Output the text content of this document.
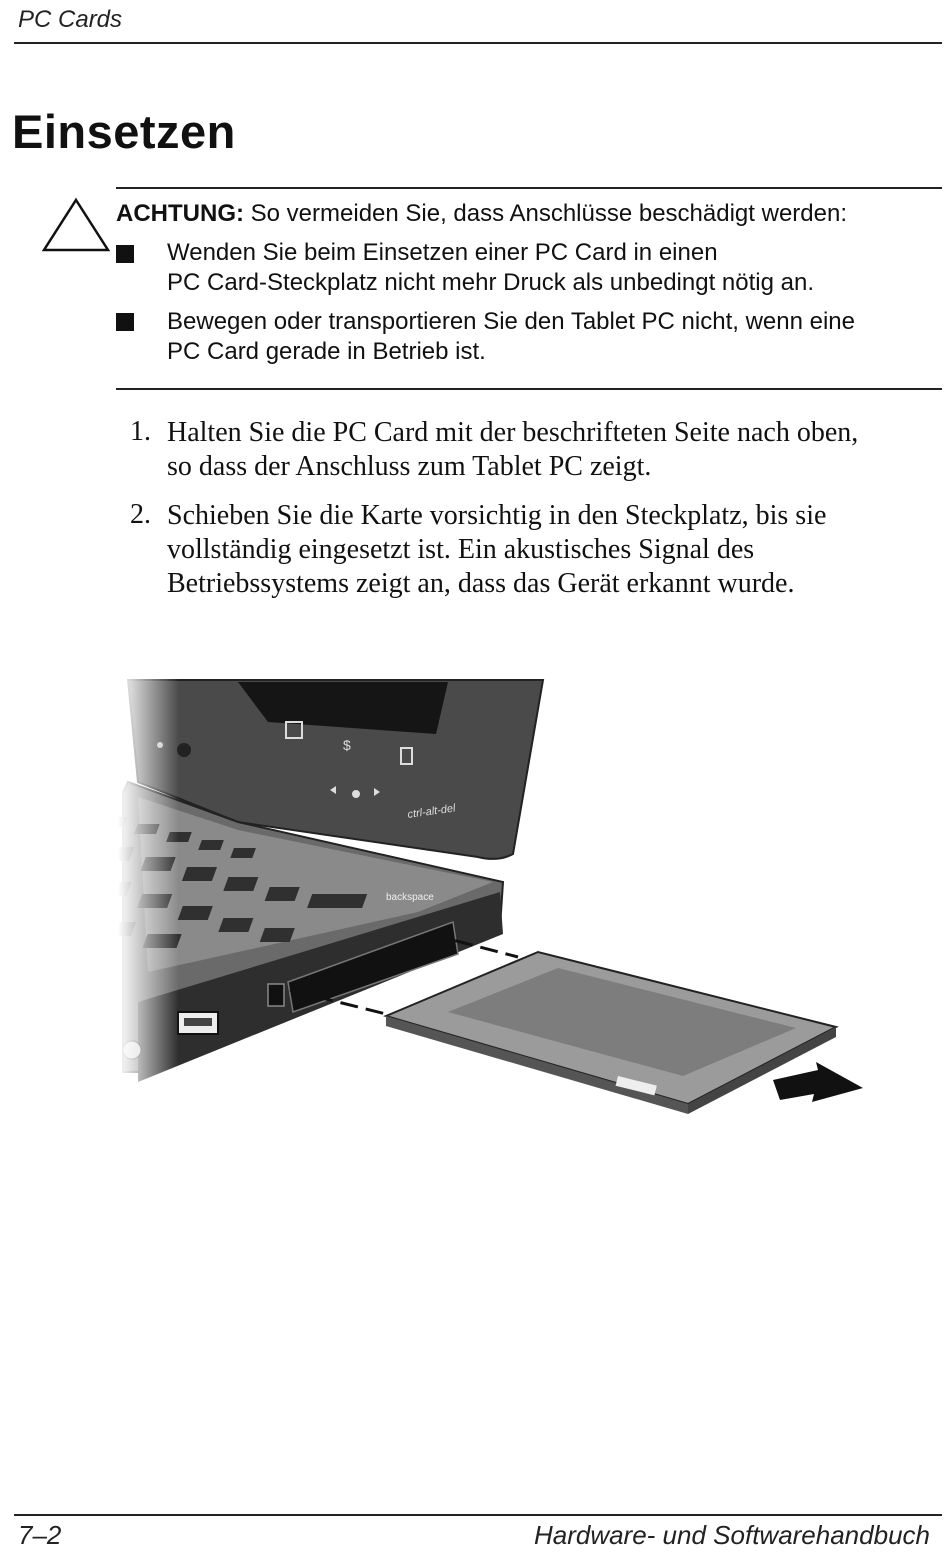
PC Cards
Einsetzen
ACHTUNG: So vermeiden Sie, dass Anschlüsse beschädigt werden:
Wenden Sie beim Einsetzen einer PC Card in einen
PC Card-Steckplatz nicht mehr Druck als unbedingt nötig an.
Bewegen oder transportieren Sie den Tablet PC nicht, wenn eine
PC Card gerade in Betrieb ist.
1. Halten Sie die PC Card mit der beschrifteten Seite nach oben,
so dass der Anschluss zum Tablet PC zeigt.
2. Schieben Sie die Karte vorsichtig in den Steckplatz, bis sie
vollständig eingesetzt ist. Ein akustisches Signal des
Betriebssystems zeigt an, dass das Gerät erkannt wurde.
7–2	Hardware- und Softwarehandbuch
